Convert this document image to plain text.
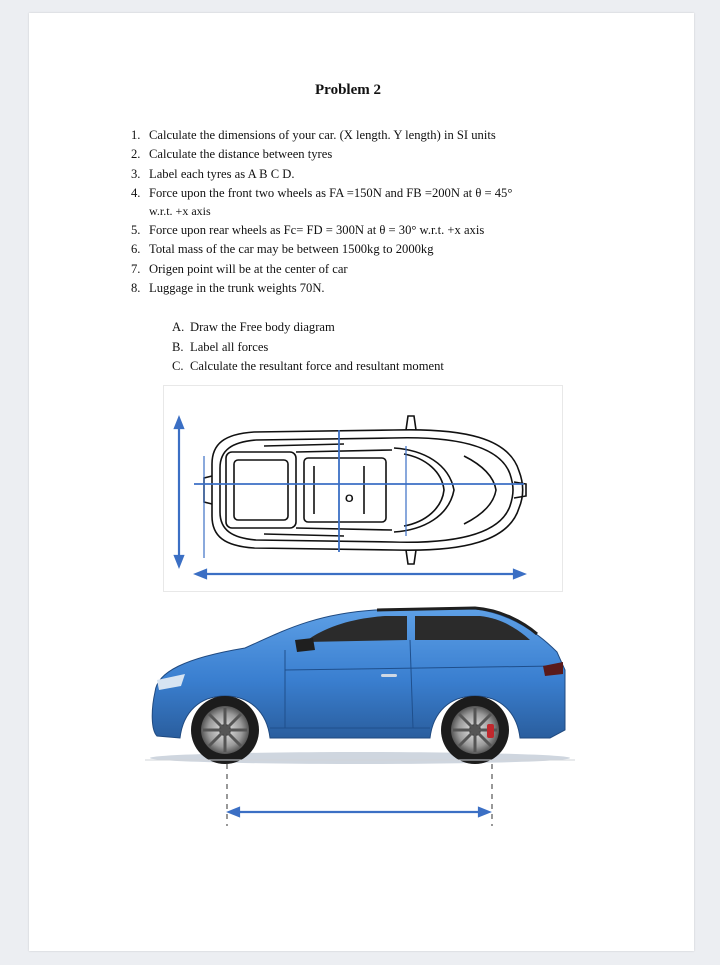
Problem 2
1. Calculate the dimensions of your car. (X length. Y length) in SI units
2. Calculate the distance between tyres
3. Label each tyres as A B C D.
4. Force upon the front two wheels as FA =150N and FB =200N at θ = 45°
w.r.t. +x axis
5. Force upon rear wheels as Fc= FD = 300N at θ = 30° w.r.t. +x axis
6. Total mass of the car may be between 1500kg to 2000kg
7. Origen point will be at the center of car
8. Luggage in the trunk weights 70N.
A. Draw the Free body diagram
B. Label all forces
C. Calculate the resultant force and resultant moment
O
